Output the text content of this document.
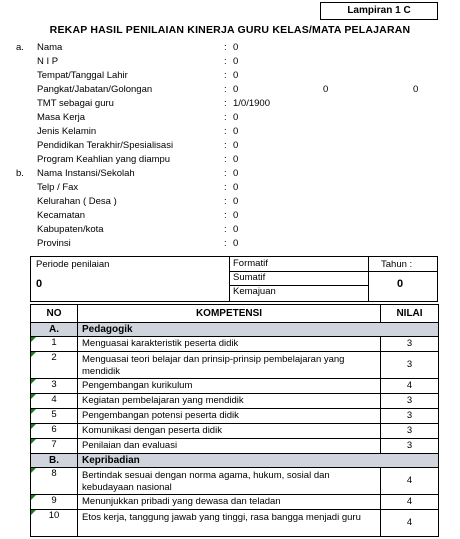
Lampiran 1 C
REKAP HASIL PENILAIAN KINERJA GURU KELAS/MATA PELAJARAN
a. Nama	: 0
N I P	: 0
Tempat/Tanggal Lahir	: 0
Pangkat/Jabatan/Golongan	: 0	0	0
TMT sebagai guru	: 1/0/1900
Masa Kerja	: 0
Jenis Kelamin	: 0
Pendidikan Terakhir/Spesialisasi	: 0
Program Keahlian yang diampu	: 0
b. Nama Instansi/Sekolah	: 0
Telp / Fax	: 0
Kelurahan ( Desa )	: 0
Kecamatan	: 0
Kabupaten/kota	: 0
Provinsi	: 0
Periode penilaian
0
Formatif
Sumatif
Kemajuan
Tahun :
0
NO	KOMPETENSI	NILAI
A.	Pedagogik	

1	Menguasai karakteristik peserta didik	3

2	Menguasai teori belajar dan prinsip-prinsip pembelajaran yang mendidik	3

3	Pengembangan kurikulum	4

4	Kegiatan pembelajaran yang mendidik	3

5	Pengembangan potensi peserta didik	3

6	Komunikasi dengan peserta didik	3

7	Penilaian dan evaluasi	3
B.	Kepribadian	

8	Bertindak sesuai dengan norma agama, hukum, sosial dan kebudayaan nasional	4

9	Menunjukkan pribadi yang dewasa dan teladan	4

10	Etos kerja, tanggung jawab yang tinggi, rasa bangga menjadi guru	4
